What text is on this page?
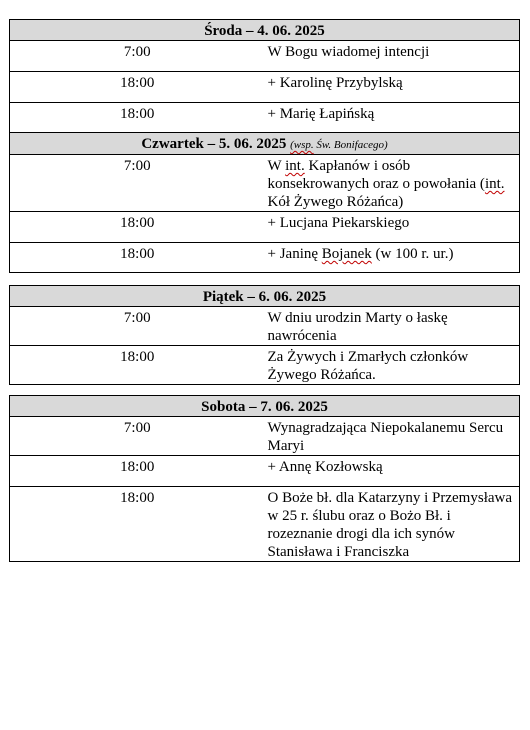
Środa – 4. 06. 2025	
7:00	W Bogu wiadomej intencji
18:00	+ Karolinę Przybylską
18:00	+ Marię Łapińską
Czwartek – 5. 06. 2025 (wsp. Św. Bonifacego)	
7:00	W int. Kapłanów i osób konsekrowanych oraz o powołania (int. Kół Żywego Różańca)
18:00	+ Lucjana Piekarskiego
18:00	+ Janinę Bojanek (w 100 r. ur.)
Piątek – 6. 06. 2025	
7:00	W dniu urodzin Marty o łaskę nawrócenia
18:00	Za Żywych i Zmarłych członków Żywego Różańca.
Sobota – 7. 06. 2025	
7:00	Wynagradzająca Niepokalanemu Sercu Maryi
18:00	+ Annę Kozłowską
18:00	O Boże bł. dla Katarzyny i Przemysława w 25 r. ślubu oraz o Bożo Bł. i rozeznanie drogi dla ich synów Stanisława i Franciszka
